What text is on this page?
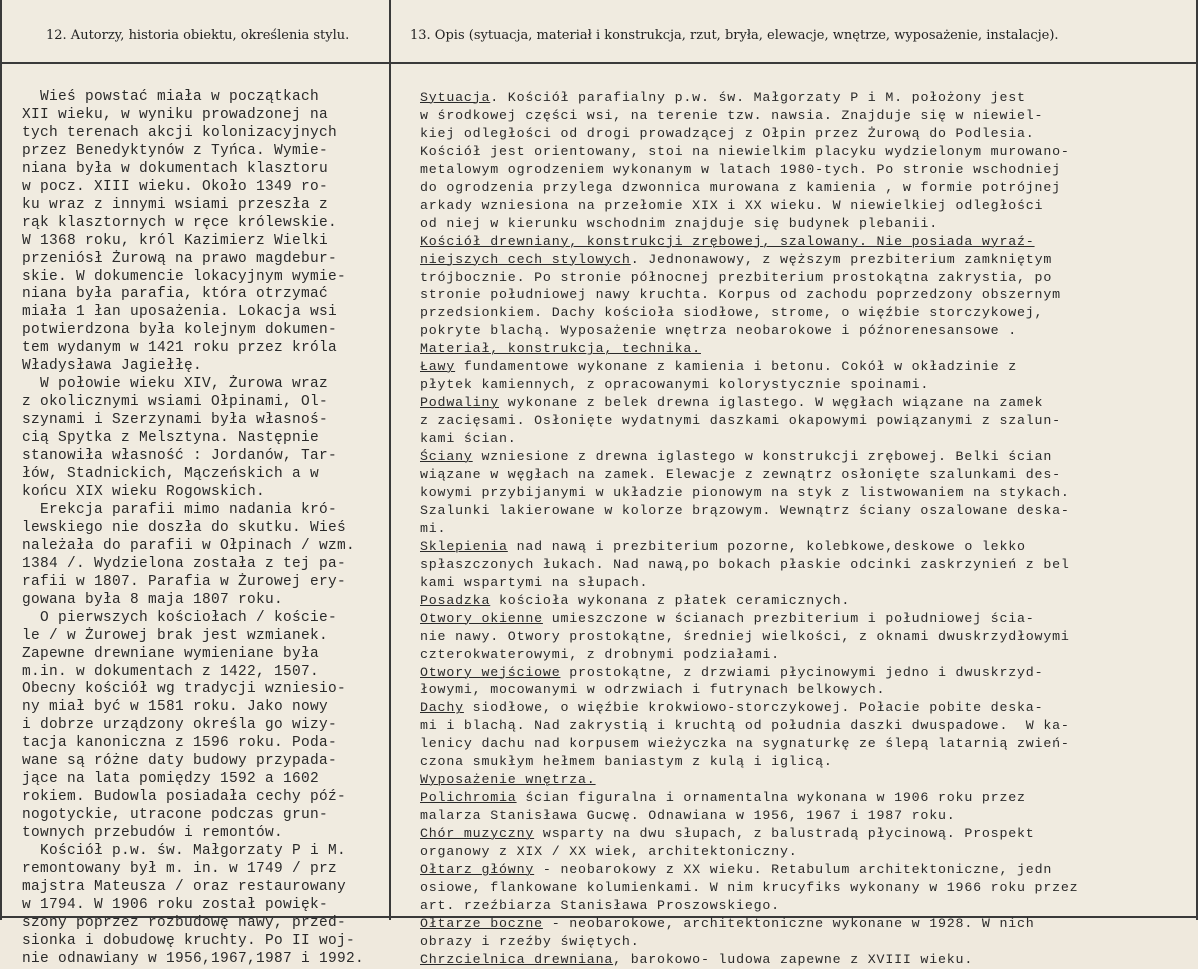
12. Autorzy, historia obiektu, określenia stylu.	13. Opis (sytuacja, materiał i konstrukcja, rzut, bryła, elewacje, wnętrze, wyposażenie, instalacje).
Wieś powstać miała w początkach
XII wieku, w wyniku prowadzonej na
tych terenach akcji kolonizacyjnych
przez Benedyktynów z Tyńca. Wymie-
niana była w dokumentach klasztoru
w pocz. XIII wieku. Około 1349 ro-
ku wraz z innymi wsiami przeszła z
rąk klasztornych w ręce królewskie.
W 1368 roku, król Kazimierz Wielki
przeniósł Żurową na prawo magdebur-
skie. W dokumencie lokacyjnym wymie-
niana była parafia, która otrzymać
miała 1 łan uposażenia. Lokacja wsi
potwierdzona była kolejnym dokumen-
tem wydanym w 1421 roku przez króla
Władysława Jagiełłę.
W połowie wieku XIV, Żurowa wraz
z okolicznymi wsiami Ołpinami, Ol-
szynami i Szerzynami była własnoś-
cią Spytka z Melsztyna. Następnie
stanowiła własność : Jordanów, Tar-
łów, Stadnickich, Mączeńskich a w
końcu XIX wieku Rogowskich.
Erekcja parafii mimo nadania kró-
lewskiego nie doszła do skutku. Wieś
należała do parafii w Ołpinach / wzm.
1384 /. Wydzielona została z tej pa-
rafii w 1807. Parafia w Żurowej ery-
gowana była 8 maja 1807 roku.
O pierwszych kościołach / koście-
le / w Żurowej brak jest wzmianek.
Zapewne drewniane wymieniane była
m.in. w dokumentach z 1422, 1507.
Obecny kościół wg tradycji wzniesio-
ny miał być w 1581 roku. Jako nowy
i dobrze urządzony określa go wizy-
tacja kanoniczna z 1596 roku. Poda-
wane są różne daty budowy przypada-
jące na lata pomiędzy 1592 a 1602
rokiem. Budowla posiadała cechy póź-
nogotyckie, utracone podczas grun-
townych przebudów i remontów.
Kościół p.w. św. Małgorzaty P i M.
remontowany był m. in. w 1749 / prz
majstra Mateusza / oraz restaurowany
w 1794. W 1906 roku został powięk-
szony poprzez rozbudowę nawy, przed-
sionka i dobudowę kruchty. Po II woj-
nie odnawiany w 1956,1967,1987 i 1992.
Sytuacja. Kościół parafialny p.w. św. Małgorzaty P i M. położony jest
w środkowej części wsi, na terenie tzw. nawsia. Znajduje się w niewiel-
kiej odległości od drogi prowadzącej z Ołpin przez Żurową do Podlesia.
Kościół jest orientowany, stoi na niewielkim placyku wydzielonym murowano-
metalowym ogrodzeniem wykonanym w latach 1980-tych. Po stronie wschodniej
do ogrodzenia przylega dzwonnica murowana z kamienia , w formie potrójnej
arkady wzniesiona na przełomie XIX i XX wieku. W niewielkiej odległości
od niej w kierunku wschodnim znajduje się budynek plebanii.
Kościół drewniany, konstrukcji zrębowej, szalowany. Nie posiada wyraź-
niejszych cech stylowych. Jednonawowy, z węższym prezbiterium zamkniętym
trójbocznie. Po stronie północnej prezbiterium prostokątna zakrystia, po
stronie południowej nawy kruchta. Korpus od zachodu poprzedzony obszernym
przedsionkiem. Dachy kościoła siodłowe, strome, o więźbie storczykowej,
pokryte blachą. Wyposażenie wnętrza neobarokowe i późnorenesansowe .
Materiał, konstrukcja, technika.
Ławy fundamentowe wykonane z kamienia i betonu. Cokół w okładzinie z
płytek kamiennych, z opracowanymi kolorystycznie spoinami.
Podwaliny wykonane z belek drewna iglastego. W węgłach wiązane na zamek
z zacięsami. Osłonięte wydatnymi daszkami okapowymi powiązanymi z szalun-
kami ścian.
Ściany wzniesione z drewna iglastego w konstrukcji zrębowej. Belki ścian
wiązane w węgłach na zamek. Elewacje z zewnątrz osłonięte szalunkami des-
kowymi przybijanymi w układzie pionowym na styk z listwowaniem na stykach.
Szalunki lakierowane w kolorze brązowym. Wewnątrz ściany oszalowane deska-
mi.
Sklepienia nad nawą i prezbiterium pozorne, kolebkowe,deskowe o lekko
spłaszczonych łukach. Nad nawą,po bokach płaskie odcinki zaskrzynień z bel
kami wspartymi na słupach.
Posadzka kościoła wykonana z płatek ceramicznych.
Otwory okienne umieszczone w ścianach prezbiterium i południowej ścia-
nie nawy. Otwory prostokątne, średniej wielkości, z oknami dwuskrzydłowymi
czterokwaterowymi, z drobnymi podziałami.
Otwory wejściowe prostokątne, z drzwiami płycinowymi jedno i dwuskrzyd-
łowymi, mocowanymi w odrzwiach i futrynach belkowych.
Dachy siodłowe, o więźbie krokwiowo-storczykowej. Połacie pobite deska-
mi i blachą. Nad zakrystią i kruchtą od południa daszki dwuspadowe.  W ka-
lenicy dachu nad korpusem wieżyczka na sygnaturkę ze ślepą latarnią zwień-
czona smukłym hełmem baniastym z kulą i iglicą.
Wyposażenie wnętrza.
Polichromia ścian figuralna i ornamentalna wykonana w 1906 roku przez
malarza Stanisława Gucwę. Odnawiana w 1956, 1967 i 1987 roku.
Chór muzyczny wsparty na dwu słupach, z balustradą płycinową. Prospekt
organowy z XIX / XX wiek, architektoniczny.
Ołtarz główny - neobarokowy z XX wieku. Retabulum architektoniczne, jedn
osiowe, flankowane kolumienkami. W nim krucyfiks wykonany w 1966 roku przez
art. rzeźbiarza Stanisława Proszowskiego.
Ołtarze boczne - neobarokowe, architektoniczne wykonane w 1928. W nich
obrazy i rzeźby świętych.
Chrzcielnica drewniana, barokowo- ludowa zapewne z XVIII wieku.
